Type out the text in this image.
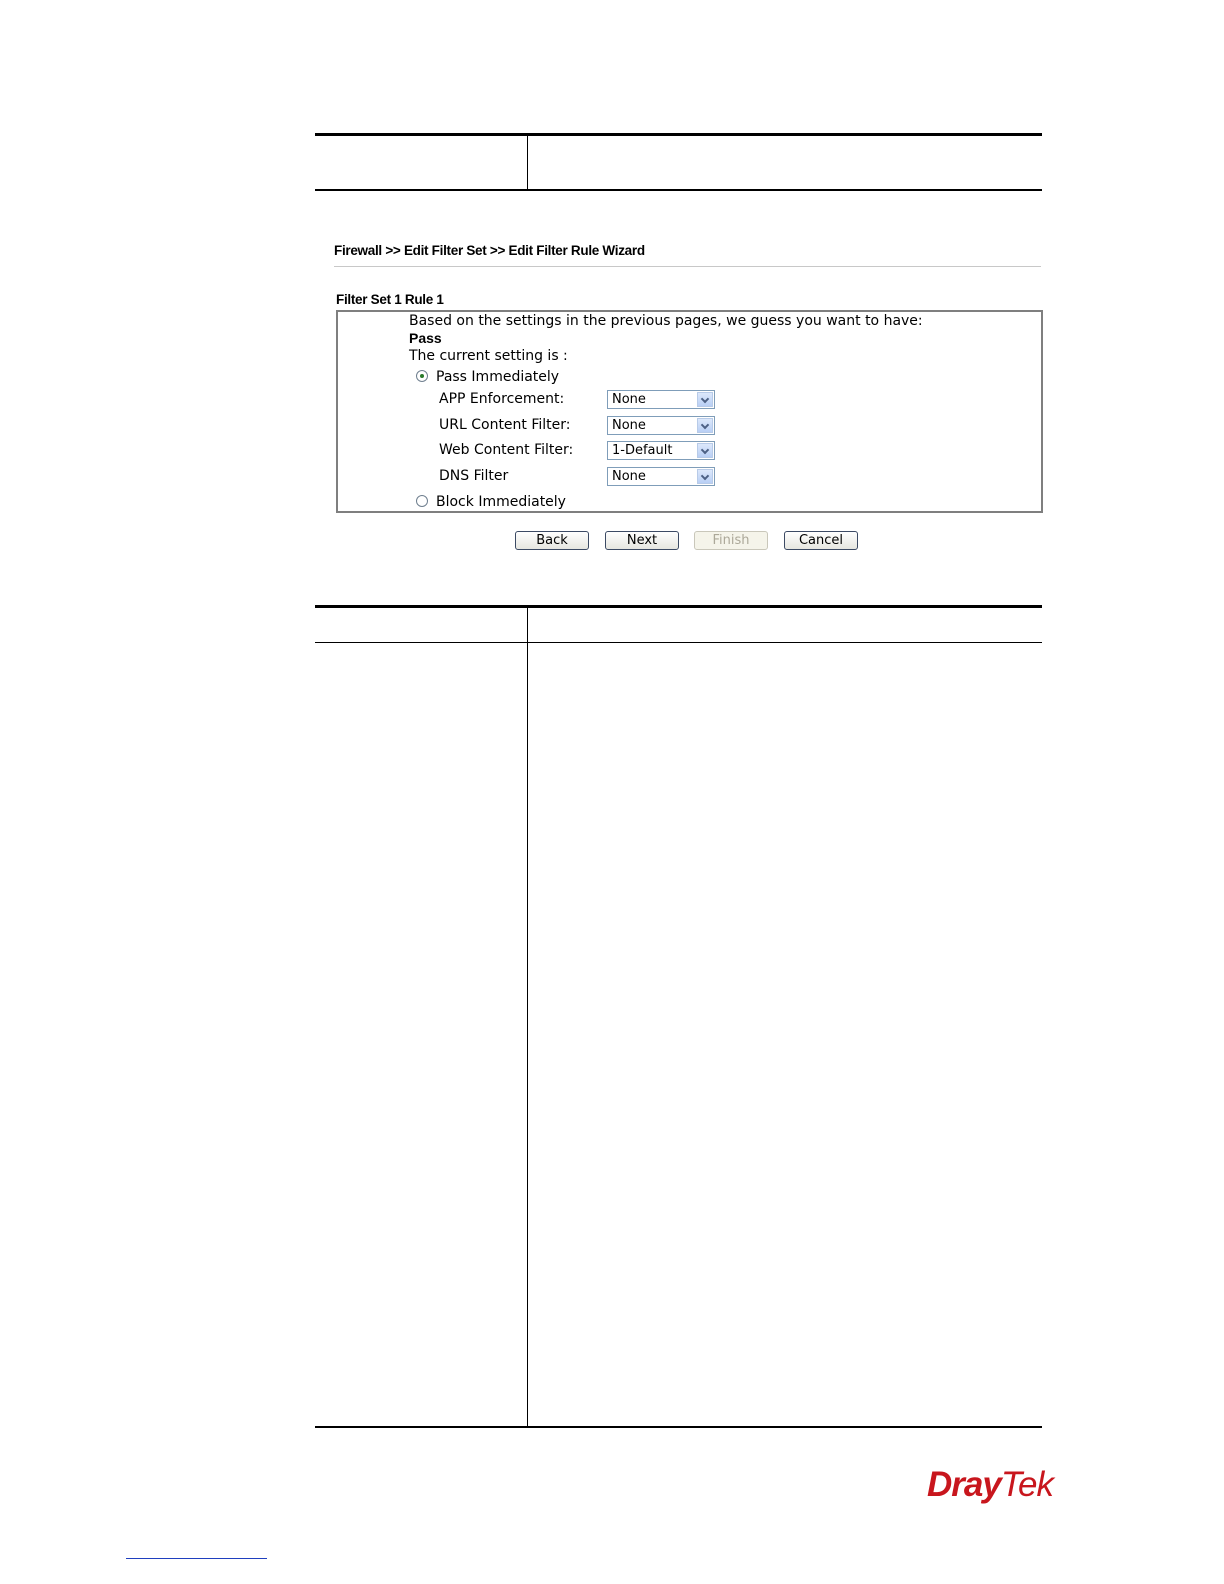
Firewall >> Edit Filter Set >> Edit Filter Rule Wizard
Filter Set 1 Rule 1
Based on the settings in the previous pages, we guess you want to have:
Pass
The current setting is :
Pass Immediately
APP Enforcement:	None
URL Content Filter:	None
Web Content Filter:	1-Default
DNS Filter	None
Block Immediately
Back	Next	Finish	Cancel
DrayTek
